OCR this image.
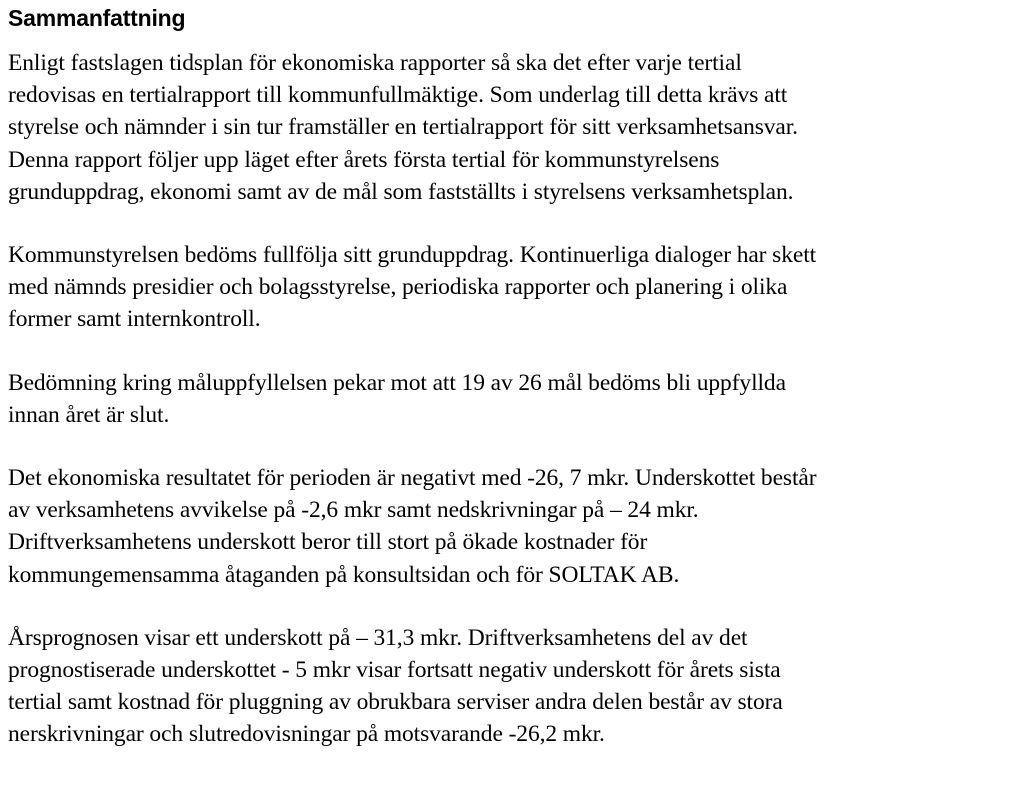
Sammanfattning

Enligt fastslagen tidsplan för ekonomiska rapporter så ska det efter varje tertial
redovisas en tertialrapport till kommunfullmäktige. Som underlag till detta krävs att
styrelse och nämnder i sin tur framställer en tertialrapport för sitt verksamhetsansvar.
Denna rapport följer upp läget efter årets första tertial för kommunstyrelsens
grunduppdrag, ekonomi samt av de mål som fastställts i styrelsens verksamhetsplan.

Kommunstyrelsen bedöms fullfölja sitt grunduppdrag. Kontinuerliga dialoger har skett
med nämnds presidier och bolagsstyrelse, periodiska rapporter och planering i olika
former samt internkontroll.

Bedömning kring måluppfyllelsen pekar mot att 19 av 26 mål bedöms bli uppfyllda
innan året är slut.

Det ekonomiska resultatet för perioden är negativt med -26, 7 mkr. Underskottet består
av verksamhetens avvikelse på -2,6 mkr samt nedskrivningar på – 24 mkr.
Driftverksamhetens underskott beror till stort på ökade kostnader för
kommungemensamma åtaganden på konsultsidan och för SOLTAK AB.

Årsprognosen visar ett underskott på – 31,3 mkr. Driftverksamhetens del av det
prognostiserade underskottet - 5 mkr visar fortsatt negativ underskott för årets sista
tertial samt kostnad för pluggning av obrukbara serviser andra delen består av stora
nerskrivningar och slutredovisningar på motsvarande -26,2 mkr.
